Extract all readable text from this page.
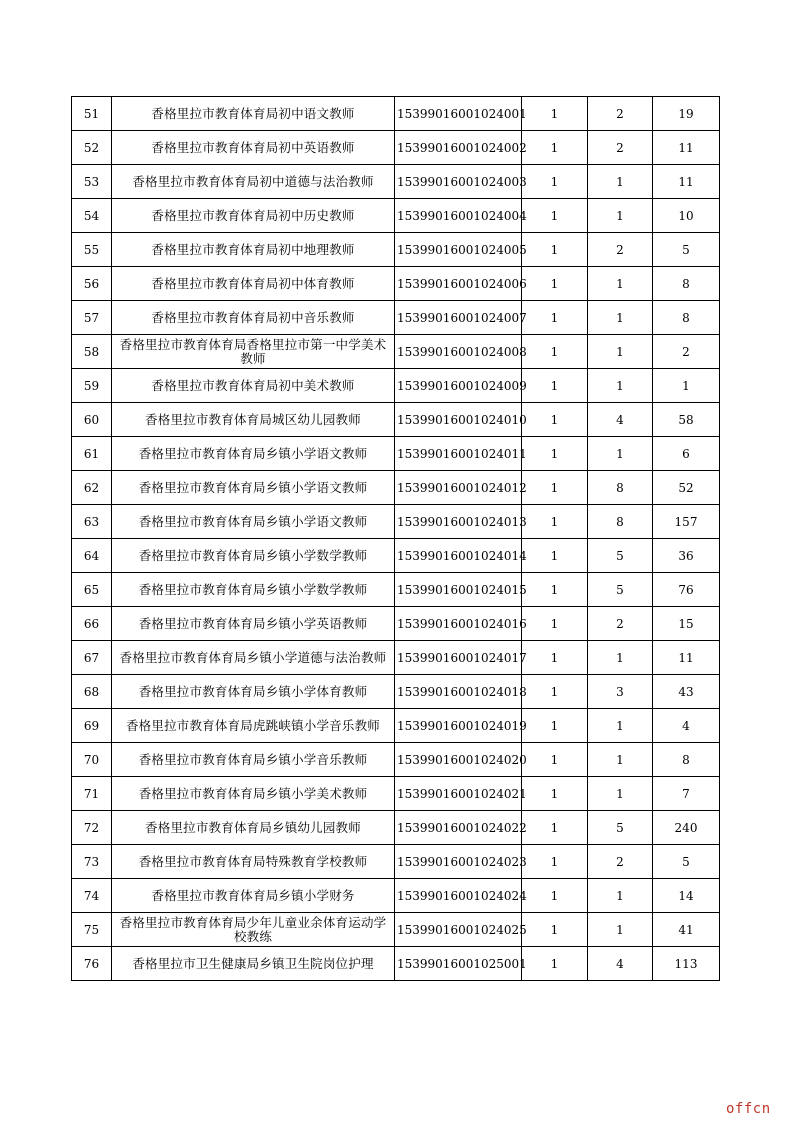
51	香格里拉市教育体育局初中语文教师	15399016001024001	1	2	19
52	香格里拉市教育体育局初中英语教师	15399016001024002	1	2	11
53	香格里拉市教育体育局初中道德与法治教师	15399016001024003	1	1	11
54	香格里拉市教育体育局初中历史教师	15399016001024004	1	1	10
55	香格里拉市教育体育局初中地理教师	15399016001024005	1	2	5
56	香格里拉市教育体育局初中体育教师	15399016001024006	1	1	8
57	香格里拉市教育体育局初中音乐教师	15399016001024007	1	1	8
58	香格里拉市教育体育局香格里拉市第一中学美术教师	15399016001024008	1	1	2
59	香格里拉市教育体育局初中美术教师	15399016001024009	1	1	1
60	香格里拉市教育体育局城区幼儿园教师	15399016001024010	1	4	58
61	香格里拉市教育体育局乡镇小学语文教师	15399016001024011	1	1	6
62	香格里拉市教育体育局乡镇小学语文教师	15399016001024012	1	8	52
63	香格里拉市教育体育局乡镇小学语文教师	15399016001024013	1	8	157
64	香格里拉市教育体育局乡镇小学数学教师	15399016001024014	1	5	36
65	香格里拉市教育体育局乡镇小学数学教师	15399016001024015	1	5	76
66	香格里拉市教育体育局乡镇小学英语教师	15399016001024016	1	2	15
67	香格里拉市教育体育局乡镇小学道德与法治教师	15399016001024017	1	1	11
68	香格里拉市教育体育局乡镇小学体育教师	15399016001024018	1	3	43
69	香格里拉市教育体育局虎跳峡镇小学音乐教师	15399016001024019	1	1	4
70	香格里拉市教育体育局乡镇小学音乐教师	15399016001024020	1	1	8
71	香格里拉市教育体育局乡镇小学美术教师	15399016001024021	1	1	7
72	香格里拉市教育体育局乡镇幼儿园教师	15399016001024022	1	5	240
73	香格里拉市教育体育局特殊教育学校教师	15399016001024023	1	2	5
74	香格里拉市教育体育局乡镇小学财务	15399016001024024	1	1	14
75	香格里拉市教育体育局少年儿童业余体育运动学校教练	15399016001024025	1	1	41
76	香格里拉市卫生健康局乡镇卫生院岗位护理	15399016001025001	1	4	113
offcn
